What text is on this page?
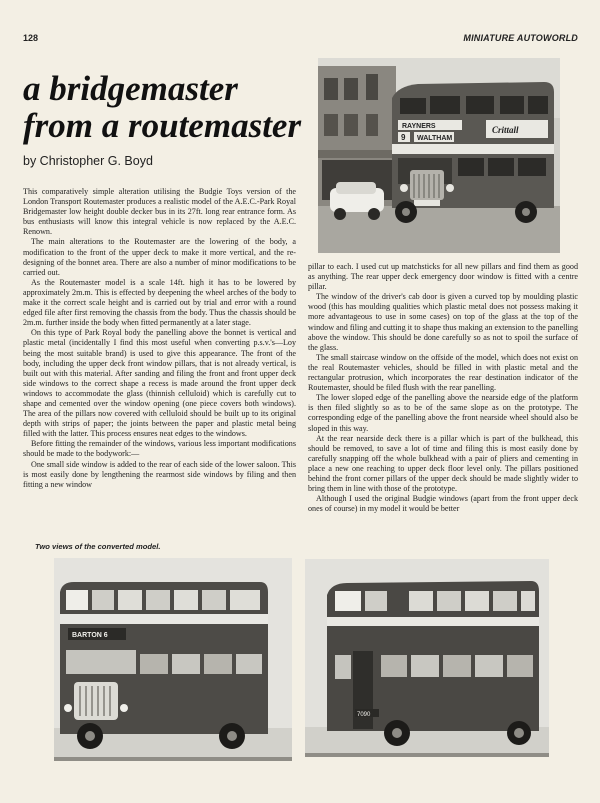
128	MINIATURE AUTOWORLD
a bridgemaster
from a routemaster
by Christopher G. Boyd
RAYNERS
9 WALTHAM
Crittall

This comparatively simple alteration utilising the Budgie Toys version of the London Transport Routemaster produces a realistic model of the A.E.C.-Park Royal Bridgemaster low height double decker bus in its 27ft. long rear entrance form. As bus enthusiasts will know this integral vehicle is now replaced by the A.E.C. Renown.

The main alterations to the Routemaster are the lowering of the body, a modification to the front of the upper deck to make it more vertical, and the re-designing of the bonnet area. There are also a number of minor modifications to be carried out.

As the Routemaster model is a scale 14ft. high it has to be lowered by approximately 2m.m. This is effected by deepening the wheel arches of the body to make it the correct scale height and is carried out by trial and error with a round edged file after first removing the chassis from the body. Thus the chassis should be 2m.m. further inside the body when fitted permanently at a later stage.

On this type of Park Royal body the panelling above the bonnet is vertical and plastic metal (incidentally I find this most useful when converting p.s.v.'s—Loy being the most suitable brand) is used to give this appearance. The front of the body, including the upper deck front window pillars, that is not already vertical, is built out with this material. After sanding and filing the front and front upper deck side windows to the correct shape a recess is made around the front upper deck windows to accommodate the glass (thinnish celluloid) which is carefully cut to shape and cemented over the window opening (one piece covers both windows). The area of the pillars now covered with celluloid should be built up to its original depth with strips of paper; the joints between the paper and plastic metal being filled with the latter. This process ensures neat edges to the windows.

Before fitting the remainder of the windows, various less important modifications should be made to the bodywork:—

One small side window is added to the rear of each side of the lower saloon. This is most easily done by lengthening the rearmost side windows by filing and then fitting a new window

pillar to each. I used cut up matchsticks for all new pillars and find them as good as anything. The rear upper deck emergency door window is fitted with a centre pillar.

The window of the driver's cab door is given a curved top by moulding plastic wood (this has moulding qualities which plastic metal does not possess making it more advantageous to use in some cases) on top of the glass at the top of the window and filing and cutting it to shape thus making an extension to the panelling above the window. This should be done carefully so as not to spoil the surface of the glass.

The small staircase window on the offside of the model, which does not exist on the real Routemaster vehicles, should be filled in with plastic metal and the rectangular protrusion, which incorporates the rear destination indicator of the Routemaster, should be filed flush with the rear panelling.

The lower sloped edge of the panelling above the nearside edge of the platform is then filed slightly so as to be of the same slope as on the prototype. The corresponding edge of the panelling above the front nearside wheel should also be sloped in this way.

At the rear nearside deck there is a pillar which is part of the bulkhead, this should be removed, to save a lot of time and filing this is most easily done by carefully snapping off the whole bulkhead with a pair of pliers and cementing in place a new one reaching to upper deck floor level only. The pillars positioned behind the front corner pillars of the upper deck should be made slightly wider to bring them in line with those of the prototype.

Although I used the original Budgie windows (apart from the front upper deck ones of course) in my model it would be better

Two views of the converted model.
BARTON 6
7090
